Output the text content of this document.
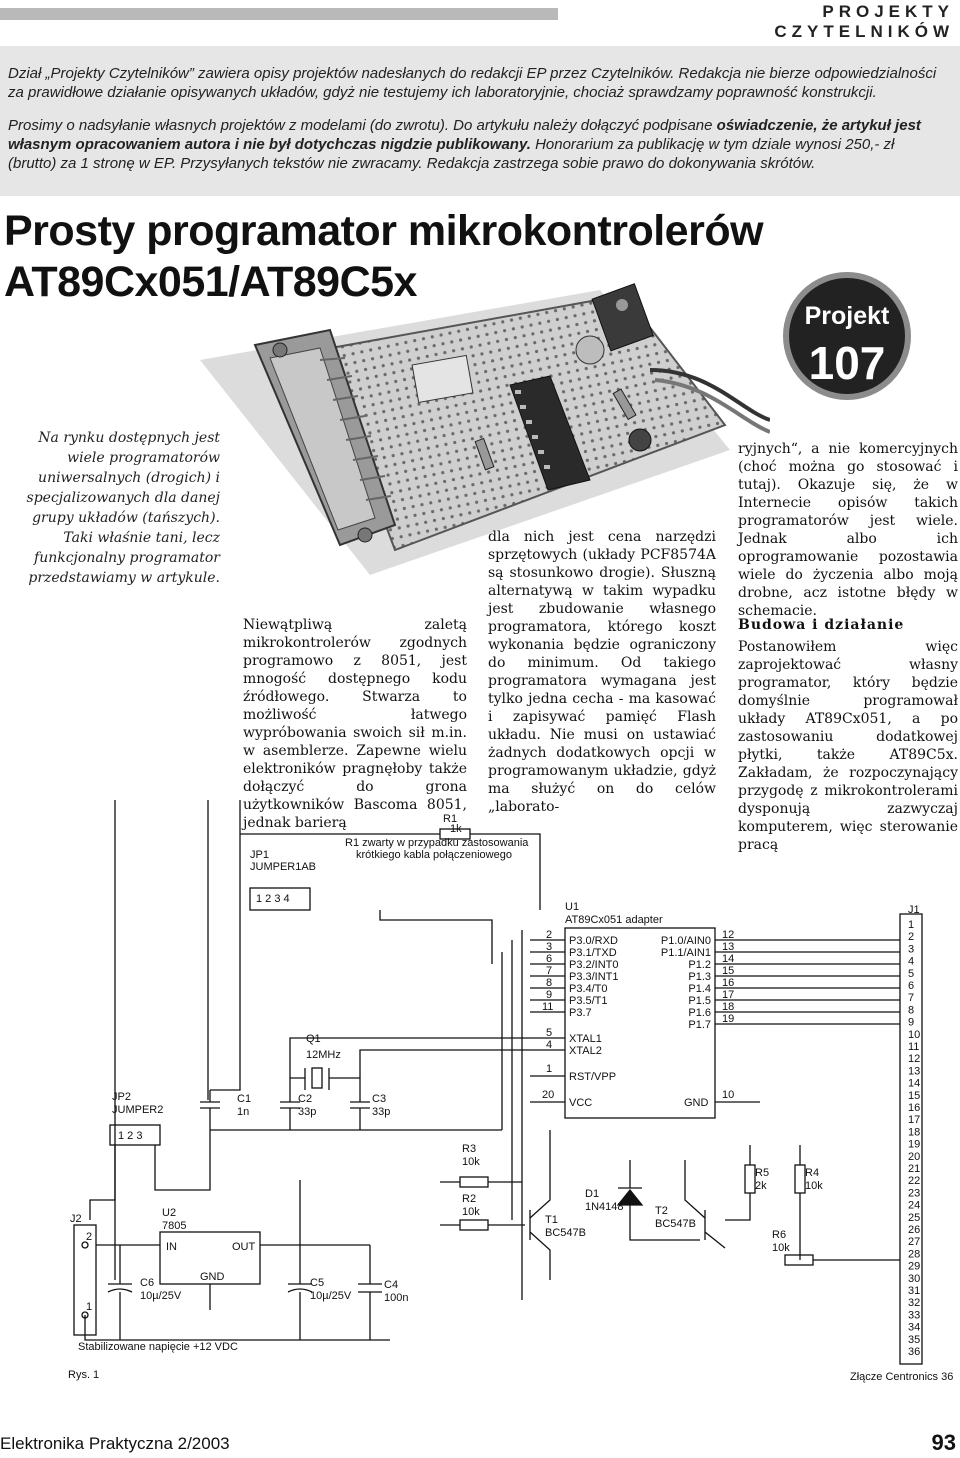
PROJEKTY CZYTELNIKÓW

Dział „Projekty Czytelników” zawiera opisy projektów nadesłanych do redakcji EP przez Czytelników. Redakcja nie bierze odpowiedzialności za prawidłowe działanie opisywanych układów, gdyż nie testujemy ich laboratoryjnie, chociaż sprawdzamy poprawność konstrukcji.

Prosimy o nadsyłanie własnych projektów z modelami (do zwrotu). Do artykułu należy dołączyć podpisane oświadczenie, że artykuł jest własnym opracowaniem autora i nie był dotychczas nigdzie publikowany. Honorarium za publikację w tym dziale wynosi 250,- zł (brutto) za 1 stronę w EP. Przysyłanych tekstów nie zwracamy. Redakcja zastrzega sobie prawo do dokonywania skrótów.

Prosty programator mikrokontrolerów
AT89Cx051/AT89C5x
Projekt
107

Na rynku dostępnych jest wiele programatorów uniwersalnych (drogich) i specjalizowanych dla danej grupy układów (tańszych). Taki właśnie tani, lecz funkcjonalny programator przedstawiamy w artykule.

Niewątpliwą zaletą mikrokontrolerów zgodnych programowo z 8051, jest mnogość dostępnego kodu źródłowego. Stwarza to możliwość łatwego wypróbowania swoich sił m.in. w asemblerze. Zapewne wielu elektroników pragnęłoby także dołączyć do grona użytkowników Bascoma 8051, jednak barierą

dla nich jest cena narzędzi sprzętowych (układy PCF8574A są stosunkowo drogie). Słuszną alternatywą w takim wypadku jest zbudowanie własnego programatora, którego koszt wykonania będzie ograniczony do minimum. Od takiego programatora wymagana jest tylko jedna cecha - ma kasować i zapisywać pamięć Flash układu. Nie musi on ustawiać żadnych dodatkowych opcji w programowanym układzie, gdyż ma służyć on do celów „laborato-

ryjnych“, a nie komercyjnych (choć można go stosować i tutaj). Okazuje się, że w Internecie opisów takich programatorów jest wiele. Jednak albo ich oprogramowanie pozostawia wiele do życzenia albo moją drobne, acz istotne błędy w schemacie.

Budowa i działanie

Postanowiłem więc zaprojektować własny programator, który będzie domyślnie programował układy AT89Cx051, a po zastosowaniu dodatkowej płytki, także AT89C5x. Zakładam, że rozpoczynający przygodę z mikrokontrolerami dysponują zazwyczaj komputerem, więc sterowanie pracą

R1
1k
R1 zwarty w przypadku zastosowania
krótkiego kabla połączeniowego
JP1
JUMPER1AB
1 2 3 4
U1
AT89Cx051 adapter
2
3
6
7
8
9
11
P3.0/RXD
P3.1/TXD
P3.2/INT0
P3.3/INT1
P3.4/T0
P3.5/T1
P3.7
P1.0/AIN0
P1.1/AIN1
P1.2
P1.3
P1.4
P1.5
P1.6
P1.7
12
13
14
15
16
17
18
19
5
4 XTAL1
XTAL2
1
RST/VPP
20
VCC	GND
10
Q1
12MHz
C1
1n
C2
33p
C3
33p
JP2
JUMPER2
1 2 3
J2
2
1
U2
7805
IN	OUT
GND
C6
10µ/25V
C5
10µ/25V
C4
100n
R3
10k
R2
10k
T1
BC547B
D1
1N4148	T2
BC547B
R5
2k
R4
10k
R6
10k
J1
1
2
3
4
5
6
7
8
9
10
11
12
13
14
15
16
17
18
19
20
21
22
23
24
25
26
27
28
29
30
31
32
33
34
35
36
Stabilizowane napięcie +12 VDC
Złącze Centronics 36
Rys. 1
Elektronika Praktyczna 2/2003	93
